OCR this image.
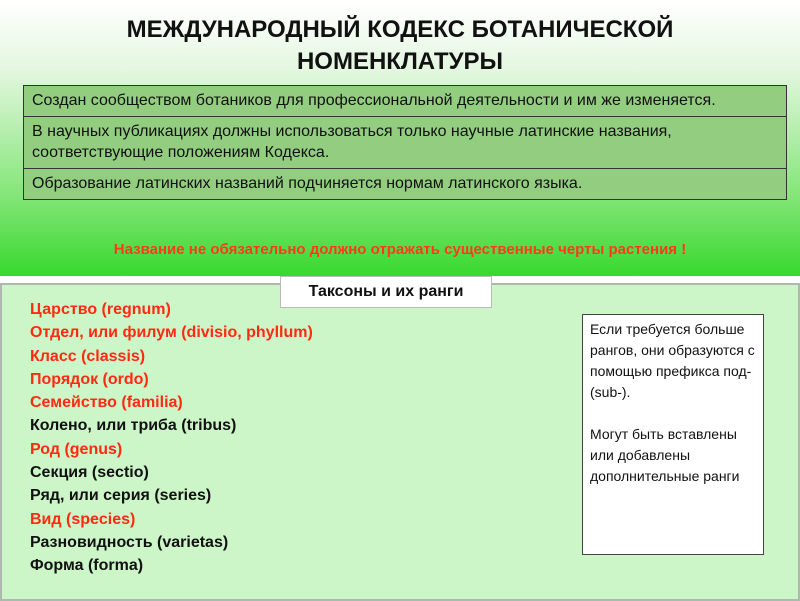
МЕЖДУНАРОДНЫЙ КОДЕКС БОТАНИЧЕСКОЙ
НОМЕНКЛАТУРЫ
Создан сообществом ботаников для профессиональной деятельности и им же изменяется.
В научных публикациях должны использоваться только научные латинские названия, соответствующие положениям Кодекса.
Образование латинских названий подчиняется нормам латинского языка.
Название не обязательно должно отражать существенные черты растения !
Таксоны и их ранги
Царство (regnum)
Отдел, или филум (divisio, phyllum)
Класс (classis)
Порядок (ordo)
Семейство (familia)
Колено, или триба (tribus)
Род (genus)
Секция (sectio)
Ряд, или серия (series)
Вид (species)
Разновидность (varietas)
Форма (forma)

Если требуется больше рангов, они образуются с помощью префикса под- (sub-).

Могут быть вставлены или добавлены дополнительные ранги
